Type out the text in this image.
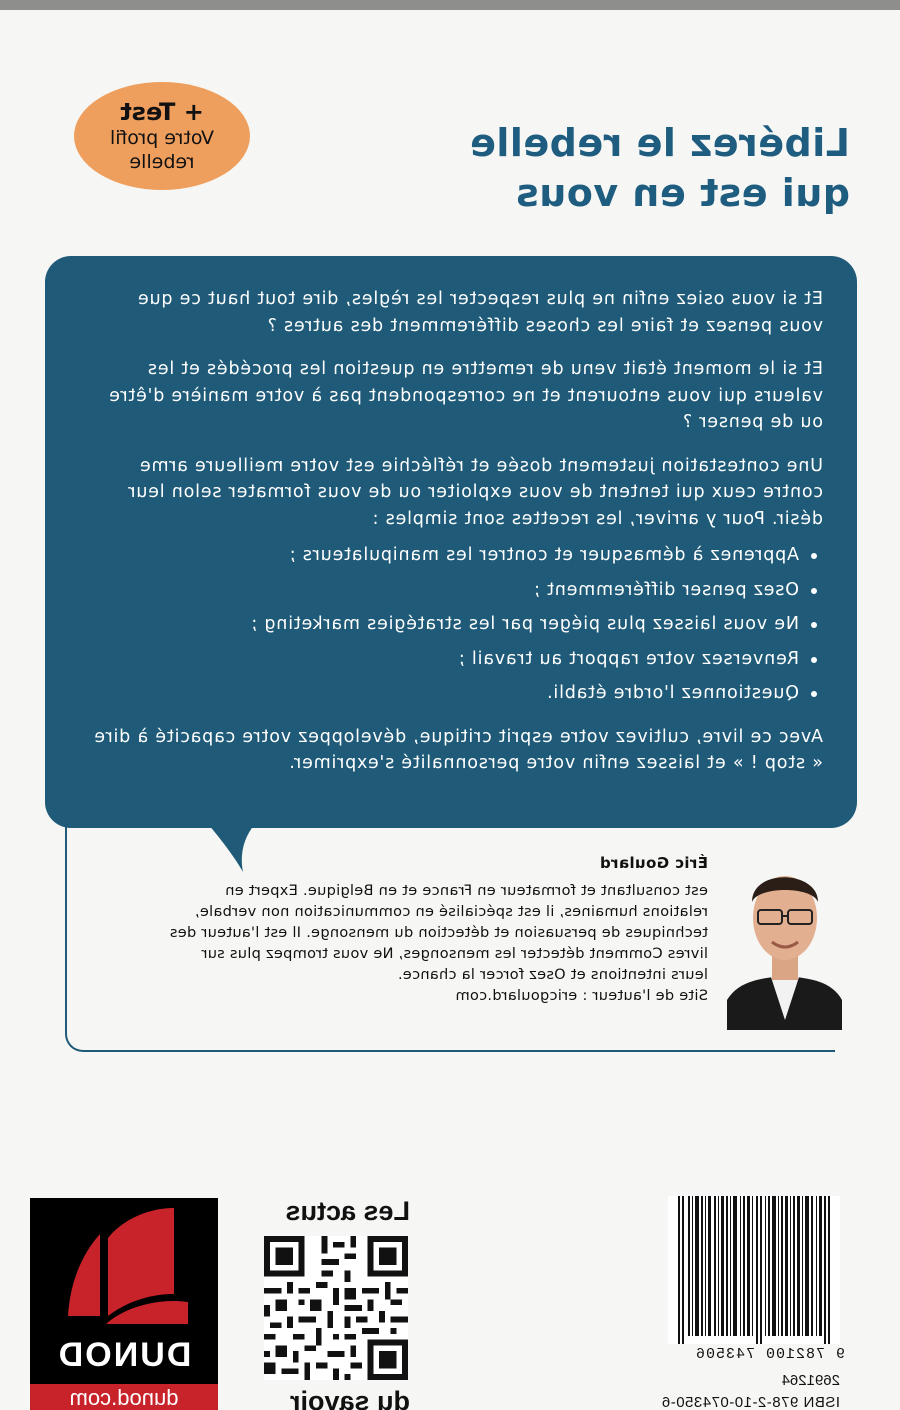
Libérez le rebelle
qui est en vous
+ Test
Votre profil
rebelle

Et si vous osiez enfin ne plus respecter les règles, dire tout haut ce que vous pensez et faire les choses différemment des autres ?

Et si le moment était venu de remettre en question les procédés et les valeurs qui vous entourent et ne correspondent pas à votre manière d'être ou de penser ?

Une contestation justement dosée et réfléchie est votre meilleure arme contre ceux qui tentent de vous exploiter ou de vous formater selon leur désir. Pour y arriver, les recettes sont simples :

Apprenez à démasquer et contrer les manipulateurs ;
Osez penser différemment ;
Ne vous laissez plus piéger par les stratégies marketing ;
Renversez votre rapport au travail ;
Questionnez l'ordre établi.

Avec ce livre, cultivez votre esprit critique, développez votre capacité à dire « stop ! » et laissez enfin votre personnalité s'exprimer.

Éric Goulard
est consultant et formateur en France et en Belgique. Expert en relations humaines, il est spécialisé en communication non verbale, techniques de persuasion et détection du mensonge. Il est l'auteur des livres Comment détecter les mensonges, Ne vous trompez plus sur leurs intentions et Osez forcer la chance.
Site de l'auteur : ericgoulard.com
DUNOD
dunod.com
Les actus
du savoir
9 782100 743506
2691264
ISBN 978-2-10-074350-6
